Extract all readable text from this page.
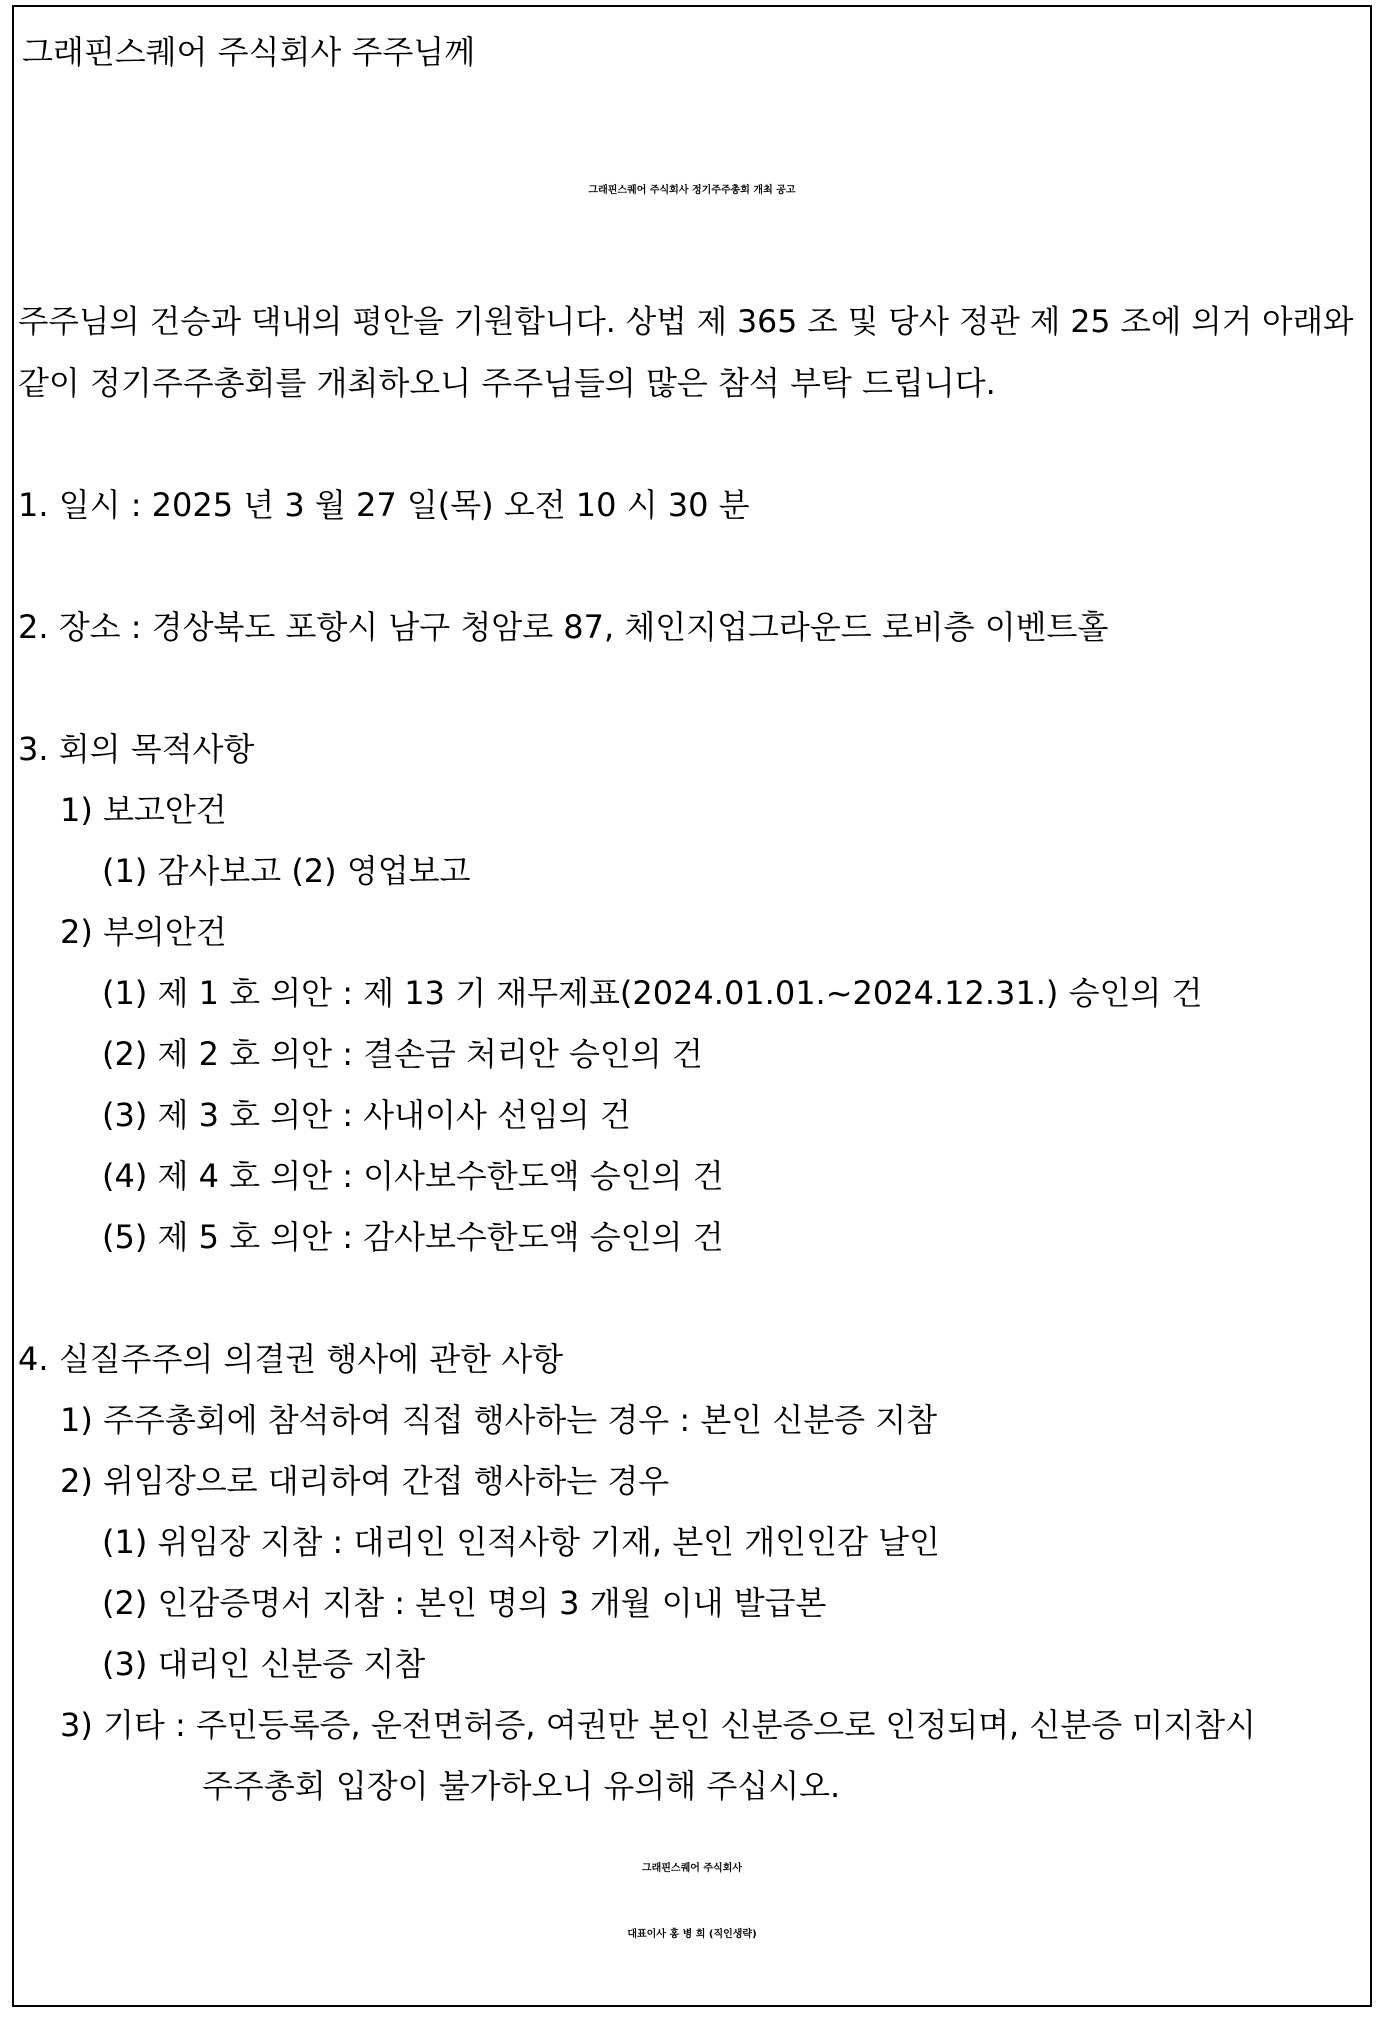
그래핀스퀘어 주식회사 주주님께
그래핀스퀘어 주식회사 정기주주총회 개최 공고
주주님의 건승과 댁내의 평안을 기원합니다. 상법 제 365 조 및 당사 정관 제 25 조에 의거 아래와
같이 정기주주총회를 개최하오니 주주님들의 많은 참석 부탁 드립니다.
1. 일시 : 2025 년 3 월 27 일(목) 오전 10 시 30 분
2. 장소 : 경상북도 포항시 남구 청암로 87, 체인지업그라운드 로비층 이벤트홀
3. 회의 목적사항
1) 보고안건
(1) 감사보고 (2) 영업보고
2) 부의안건
(1) 제 1 호 의안 : 제 13 기 재무제표(2024.01.01.~2024.12.31.) 승인의 건
(2) 제 2 호 의안 : 결손금 처리안 승인의 건
(3) 제 3 호 의안 : 사내이사 선임의 건
(4) 제 4 호 의안 : 이사보수한도액 승인의 건
(5) 제 5 호 의안 : 감사보수한도액 승인의 건
4. 실질주주의 의결권 행사에 관한 사항
1) 주주총회에 참석하여 직접 행사하는 경우 : 본인 신분증 지참
2) 위임장으로 대리하여 간접 행사하는 경우
(1) 위임장 지참 : 대리인 인적사항 기재, 본인 개인인감 날인
(2) 인감증명서 지참 : 본인 명의 3 개월 이내 발급본
(3) 대리인 신분증 지참
3) 기타 : 주민등록증, 운전면허증, 여권만 본인 신분증으로 인정되며, 신분증 미지참시
주주총회 입장이 불가하오니 유의해 주십시오.
그래핀스퀘어 주식회사
대표이사 홍 병 희 (직인생략)
